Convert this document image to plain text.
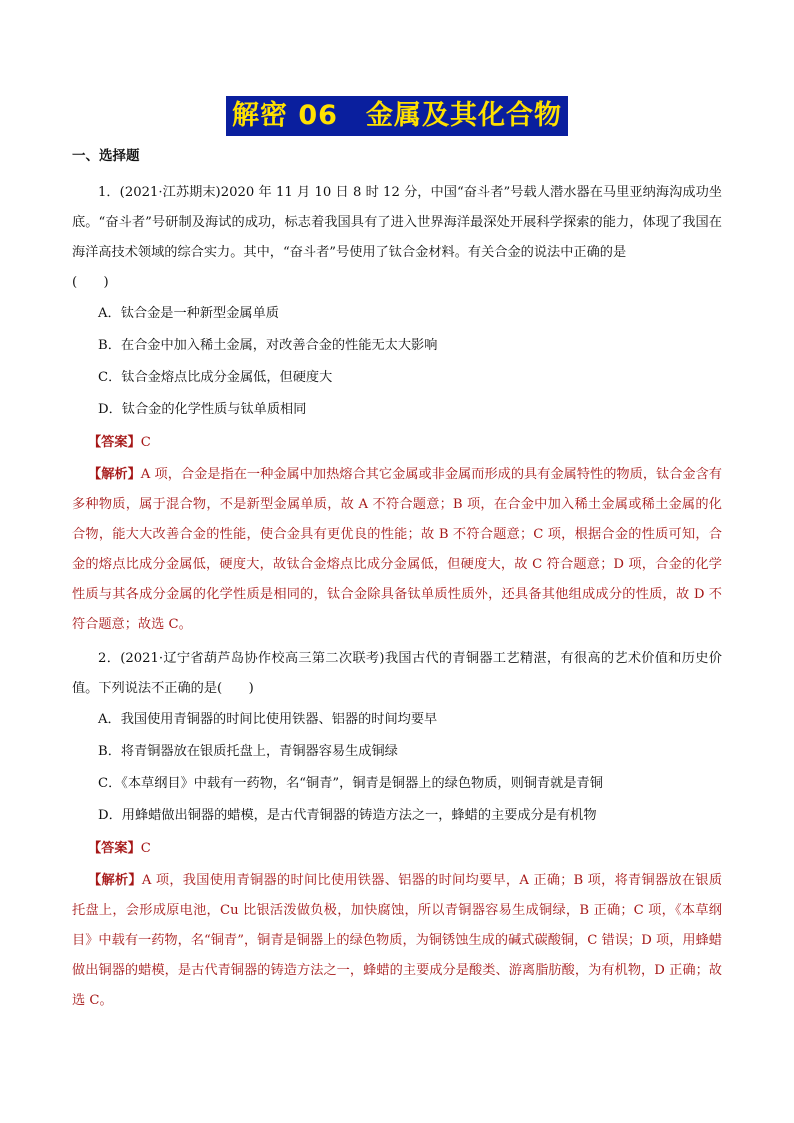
解密 06　金属及其化合物

一、选择题

1．(2021·江苏期末)2020 年 11 月 10 日 8 时 12 分，中国“奋斗者”号载人潜水器在马里亚纳海沟成功坐底。“奋斗者”号研制及海试的成功，标志着我国具有了进入世界海洋最深处开展科学探索的能力，体现了我国在海洋高技术领域的综合实力。其中，“奋斗者”号使用了钛合金材料。有关合金的说法中正确的是

(　　)

A．钛合金是一种新型金属单质

B．在合金中加入稀土金属，对改善合金的性能无太大影响

C．钛合金熔点比成分金属低，但硬度大

D．钛合金的化学性质与钛单质相同

【答案】C

【解析】A 项，合金是指在一种金属中加热熔合其它金属或非金属而形成的具有金属特性的物质，钛合金含有多种物质，属于混合物，不是新型金属单质，故 A 不符合题意；B 项，在合金中加入稀土金属或稀土金属的化合物，能大大改善合金的性能，使合金具有更优良的性能；故 B 不符合题意；C 项，根据合金的性质可知，合金的熔点比成分金属低，硬度大，故钛合金熔点比成分金属低，但硬度大，故 C 符合题意；D 项，合金的化学性质与其各成分金属的化学性质是相同的，钛合金除具备钛单质性质外，还具备其他组成成分的性质，故 D 不符合题意；故选 C。

2．(2021·辽宁省葫芦岛协作校高三第二次联考)我国古代的青铜器工艺精湛，有很高的艺术价值和历史价值。下列说法不正确的是(　　)

A．我国使用青铜器的时间比使用铁器、铝器的时间均要早

B．将青铜器放在银质托盘上，青铜器容易生成铜绿

C．《本草纲目》中载有一药物，名“铜青”，铜青是铜器上的绿色物质，则铜青就是青铜

D．用蜂蜡做出铜器的蜡模，是古代青铜器的铸造方法之一，蜂蜡的主要成分是有机物

【答案】C

【解析】A 项，我国使用青铜器的时间比使用铁器、铝器的时间均要早，A 正确；B 项，将青铜器放在银质托盘上，会形成原电池，Cu 比银活泼做负极，加快腐蚀，所以青铜器容易生成铜绿，B 正确；C 项，《本草纲目》中载有一药物，名“铜青”，铜青是铜器上的绿色物质，为铜锈蚀生成的碱式碳酸铜，C 错误；D 项，用蜂蜡做出铜器的蜡模，是古代青铜器的铸造方法之一，蜂蜡的主要成分是酸类、游离脂肪酸，为有机物，D 正确；故选 C。
